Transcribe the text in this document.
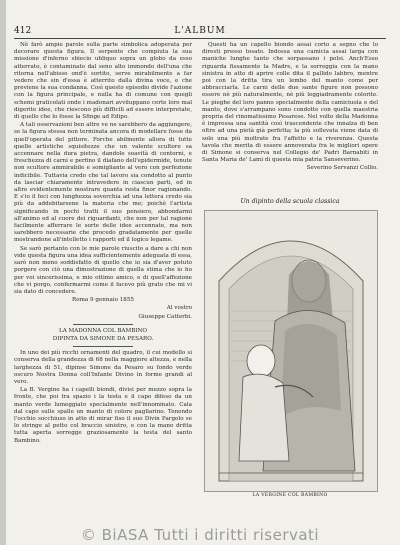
412	L'ALBUM

Nè farò ampie parole sulla parte simbolica adoperata per decorare questa figura. Il serpente che compiuta la sua missione d'inferno sbiecio ubliquo sopra un globo da esso atterrato, è contaminato dal seno alto immondo dell'una che ritorna nell'abisso ond'è sortito, serve mirabilmente a far vedere che sin d'essa è atterrito dalla divina voce, e che previene la sua condanna. Così questo episodio divide l'azione con la figura principale, e nulla ha di comune con quegli schemi graticolati onde i madonari avviluppano certe loro mal digerite idee, che riescono più difficili ad essere interpretate, di quello che lo fosse la Sfinge ad Edipo.

A tali osservazioni ben altre ve ne sarebbero da aggiungere, se la figura stessa non terminata ancora di modellare fosse da quell'operata del pittore. Forche abilmente allora di tutte quelle artistiche squisitezze che un valente scultore sa accennare nella dura pietra, dandole soavità di contorni, e freschezza di carni e perfino il diafano dell'epidermide, tenute non scultore ammirabile e somigliante al vero con perfezione indicibile. Tuttavia credo che tal lavoro sia condotto al punto da lasciar chiaramente intravedere in ciascun parti, ed in altre evidentemente mostrare quanta resta finor ragionando. E s'io il feci con lunghezza soverchia ad una lettera credo sia più da addebitarsene la materia che me; poichè l'artista significando in pochi tratti il suo pensiero, abbondarmi all'animo ed al cuore dei riguardanti, che non per tal ragione facilmente afferrare le sorte delle idee accennate, ma non sarebbero necessarie che procedo gradatamente per quelle mostrandone all'intelletto i rapporti ed il logico legame.

Se sarò pertanto con le mie parole riuscito a dare a chi non vide questa figura una idea sufficientemente adeguata di essa, sarò non meno soddisfatto di quello che io sia d'aver potuto porgere con ciò una dimostrazione di quella stima che io ho per voi sincerissima, e mio ottimo amico, e di quell'affezione che vi porgo, confermarmi come il facevo più grato che mi vi sia dato di concedere.

Roma 9 gennaio 1855

Al vostro

Giuseppe Catterbi.

LA MADONNA COL BAMBINO

DIPINTA DA SIMONE DA PESARO.

In uno dei più ricchi ornamenti del quadro, il cui modello si conserva della grandezza di 68 nella maggiore altezza, e nella larghezza di 51, dipinse Simone da Pesaro su fondo verde oscuro Nostra Donna coll'Infante Divino in forme grandi al vero.

La B. Vergine ha i capelli biondi, divisi per mezzo sopra la fronte, che poi tra spazio i la testa e il capo difeso da un manto verde lumeggiato specialmente nell'innominato. Cala dal capo sulle spalle un manto di colore pagliarino. Tenendo l'occhio socchiuso in atto di mirar fiso il suo Divin Pargolo se lo stringe al petto col braccio sinistro, e con la mano dritta tutta aperta sorregge graziosamente la testa del santo Bambino.

Questi ha un capello biondo assai corto a segno che lo diresti presso tosato. Indossa una camicia assai larga con maniche lunghe tanto che sorpassano i polsi. Anch'Esso riguarda fissamente la Madre, e la sorreggia con la mano sinistra in atto di aprire colle dita il pallido labbro, mentre poi con la dritta tira un lembo del manto come per abbracciarla. Le carni delle due sante figure non possono essere nè più naturalmente, nè più leggiadramente colorite. Le pieghe del loro panno specialmente della camiciuola e del manto, dove s'arrampano sono condotte con quella maestria propria del rinomatissimo Pesarese. Nel volto della Madonna è impressa una santità così trascendente che innalza di ben oltre ad una pietà già perfetta; la più sollevata viene data di solo una più inoltrate fra l'affetto e la riverenza. Questa tavola che merita di essere annoverata fra le migliori opere di Simone si conserva nel Collegio de' Padri Barnabiti in Santa Maria de' Lami di questa mia patria Sanseverino.

Severino Servanzi Collio.

Un dipinto della scuola classica
LA VERGINE COL BAMBINO
© BiASA Tutti i diritti riservati
